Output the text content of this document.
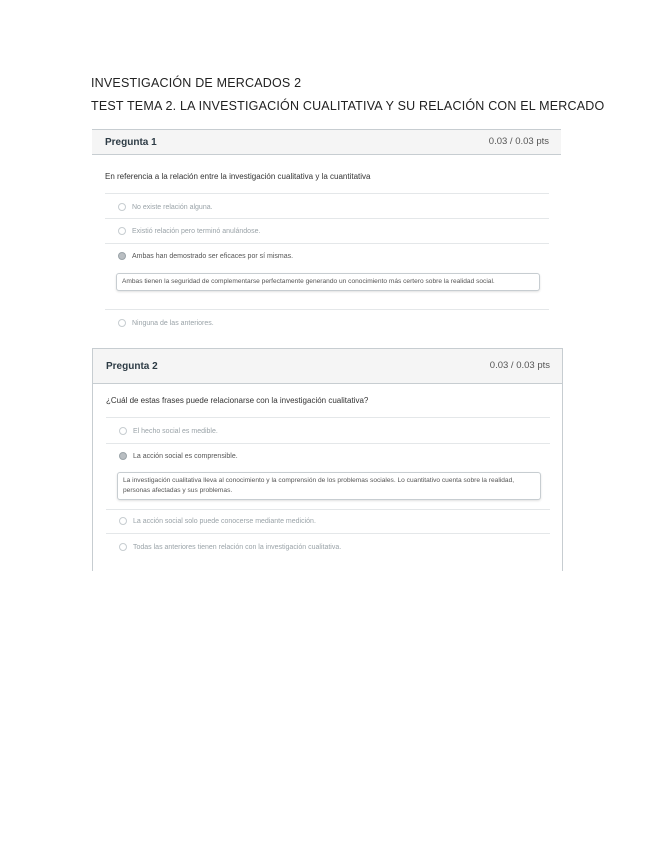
INVESTIGACIÓN DE MERCADOS 2
TEST TEMA 2. LA INVESTIGACIÓN CUALITATIVA Y SU RELACIÓN CON EL MERCADO
Pregunta 1	0.03 / 0.03 pts
En referencia a la relación entre la investigación cualitativa y la cuantitativa
No existe relación alguna.
Existió relación pero terminó anulándose.
Ambas han demostrado ser eficaces por sí mismas.
Ambas tienen la seguridad de complementarse perfectamente generando un conocimiento más certero sobre la realidad social.
Ninguna de las anteriores.
Pregunta 2	0.03 / 0.03 pts
¿Cuál de estas frases puede relacionarse con la investigación cualitativa?
El hecho social es medible.
La acción social es comprensible.
La investigación cualitativa lleva al conocimiento y la comprensión de los problemas sociales. Lo cuantitativo cuenta sobre la realidad, personas afectadas y sus problemas.
La acción social solo puede conocerse mediante medición.
Todas las anteriores tienen relación con la investigación cualitativa.
